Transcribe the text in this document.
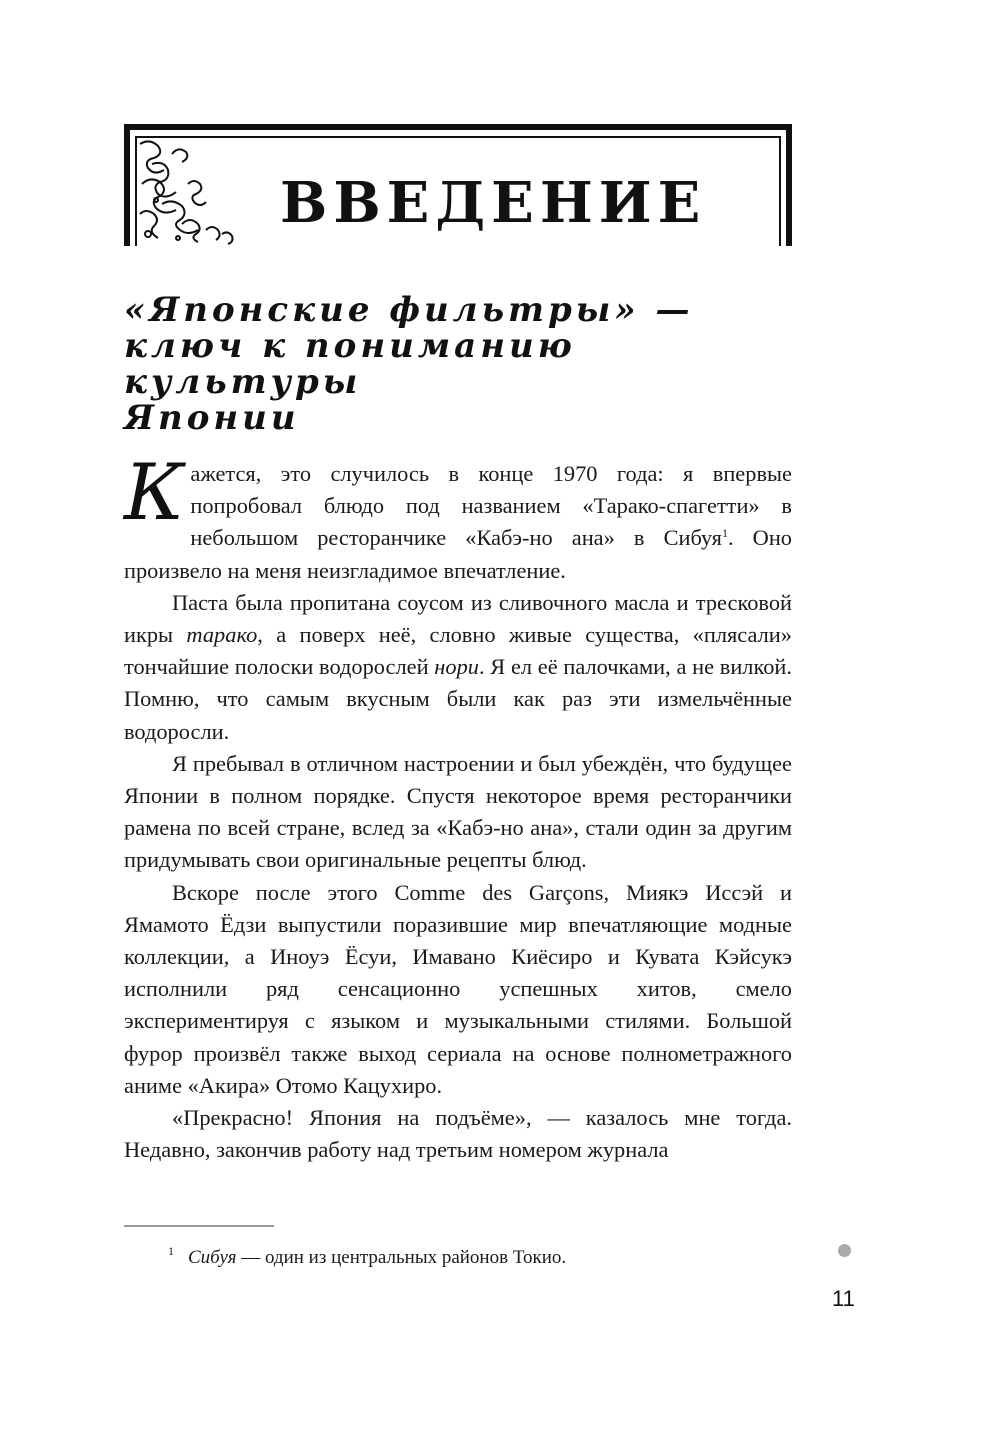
ВВЕДЕНИЕ
«Японские фильтры» —
ключ к пониманию культуры
Японии

Кажется, это случилось в конце 1970 года: я впервые попробовал блюдо под названием «Тарако-спагетти» в небольшом ресторанчике «Кабэ-но ана» в Сибуя$^1$. Оно произвело на меня неизгладимое впечатление.

Паста была пропитана соусом из сливочного масла и тресковой икры тарако, а поверх неё, словно живые существа, «плясали» тончайшие полоски водорослей нори. Я ел её палочками, а не вилкой. Помню, что самым вкусным были как раз эти измельчённые водоросли.

Я пребывал в отличном настроении и был убеждён, что будущее Японии в полном порядке. Спустя некоторое время ресторанчики рамена по всей стране, вслед за «Кабэ-но ана», стали один за другим придумывать свои оригинальные рецепты блюд.

Вскоре после этого Comme des Garçons, Миякэ Иссэй и Ямамото Ёдзи выпустили поразившие мир впечатляющие модные коллекции, а Иноуэ Ёсуи, Имавано Киёсиро и Кувата Кэйсукэ исполнили ряд сенсационно успешных хитов, смело экспериментируя с языком и музыкальными стилями. Большой фурор произвёл также выход сериала на основе полнометражного аниме «Акира» Отомо Кацухиро.

«Прекрасно! Япония на подъёме», — казалось мне тогда. Недавно, закончив работу над третьим номером журнала

$^1$ Сибуя — один из центральных районов Токио.
11
